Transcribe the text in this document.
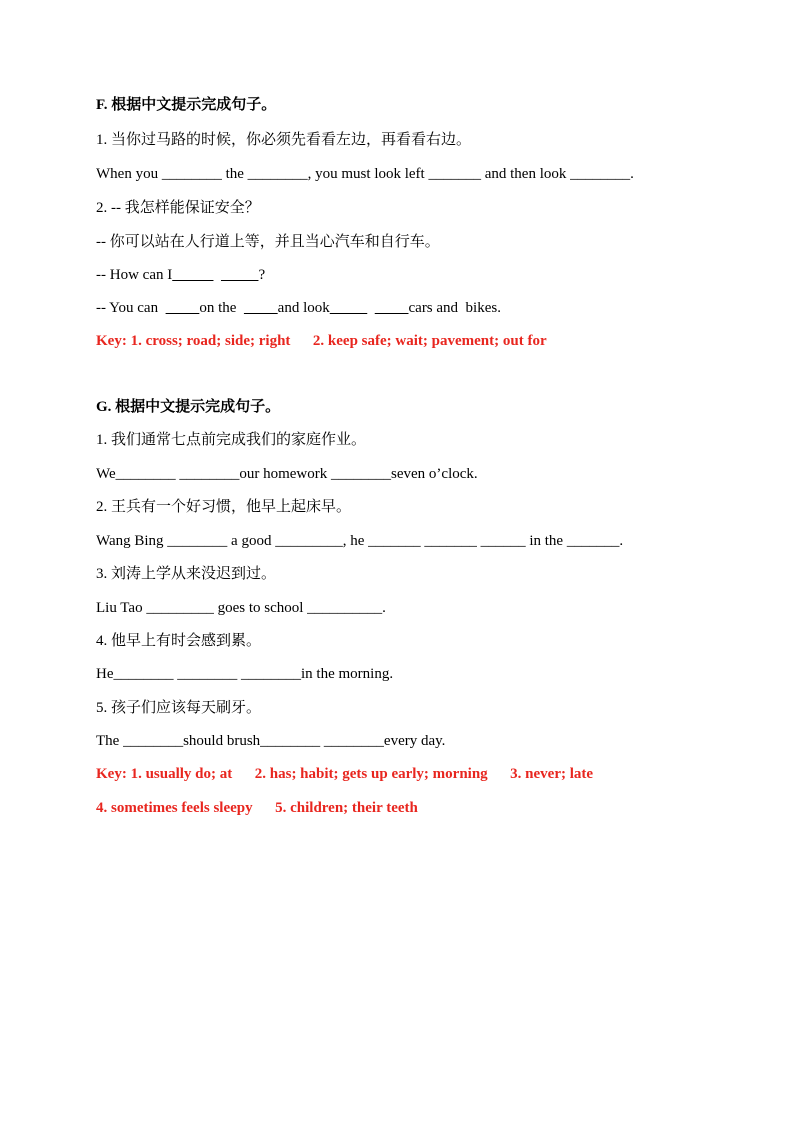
F. 根据中文提示完成句子。
1. 当你过马路的时候，你必须先看看左边，再看看右边。
When you ________ the ________, you must look left _______ and then look ________.
2. -- 我怎样能保证安全？
-- 你可以站在人行道上等，并且当心汽车和自行车。
-- How can I	?
-- You can           on the           and look	cars and  bikes.
Key: 1. cross; road; side; right      2. keep safe; wait; pavement; out for
G. 根据中文提示完成句子。
1. 我们通常七点前完成我们的家庭作业。
We________ ________our homework ________seven o’clock.
2. 王兵有一个好习惯，他早上起床早。
Wang Bing ________ a good _________, he _______ _______ ______ in the _______.
3. 刘涛上学从来没迟到过。
Liu Tao _________ goes to school __________.
4. 他早上有时会感到累。
He________ ________ ________in the morning.
5. 孩子们应该每天刷牙。
The ________should brush________ ________every day.
Key: 1. usually do; at      2. has; habit; gets up early; morning      3. never; late
4. sometimes feels sleepy      5. children; their teeth
